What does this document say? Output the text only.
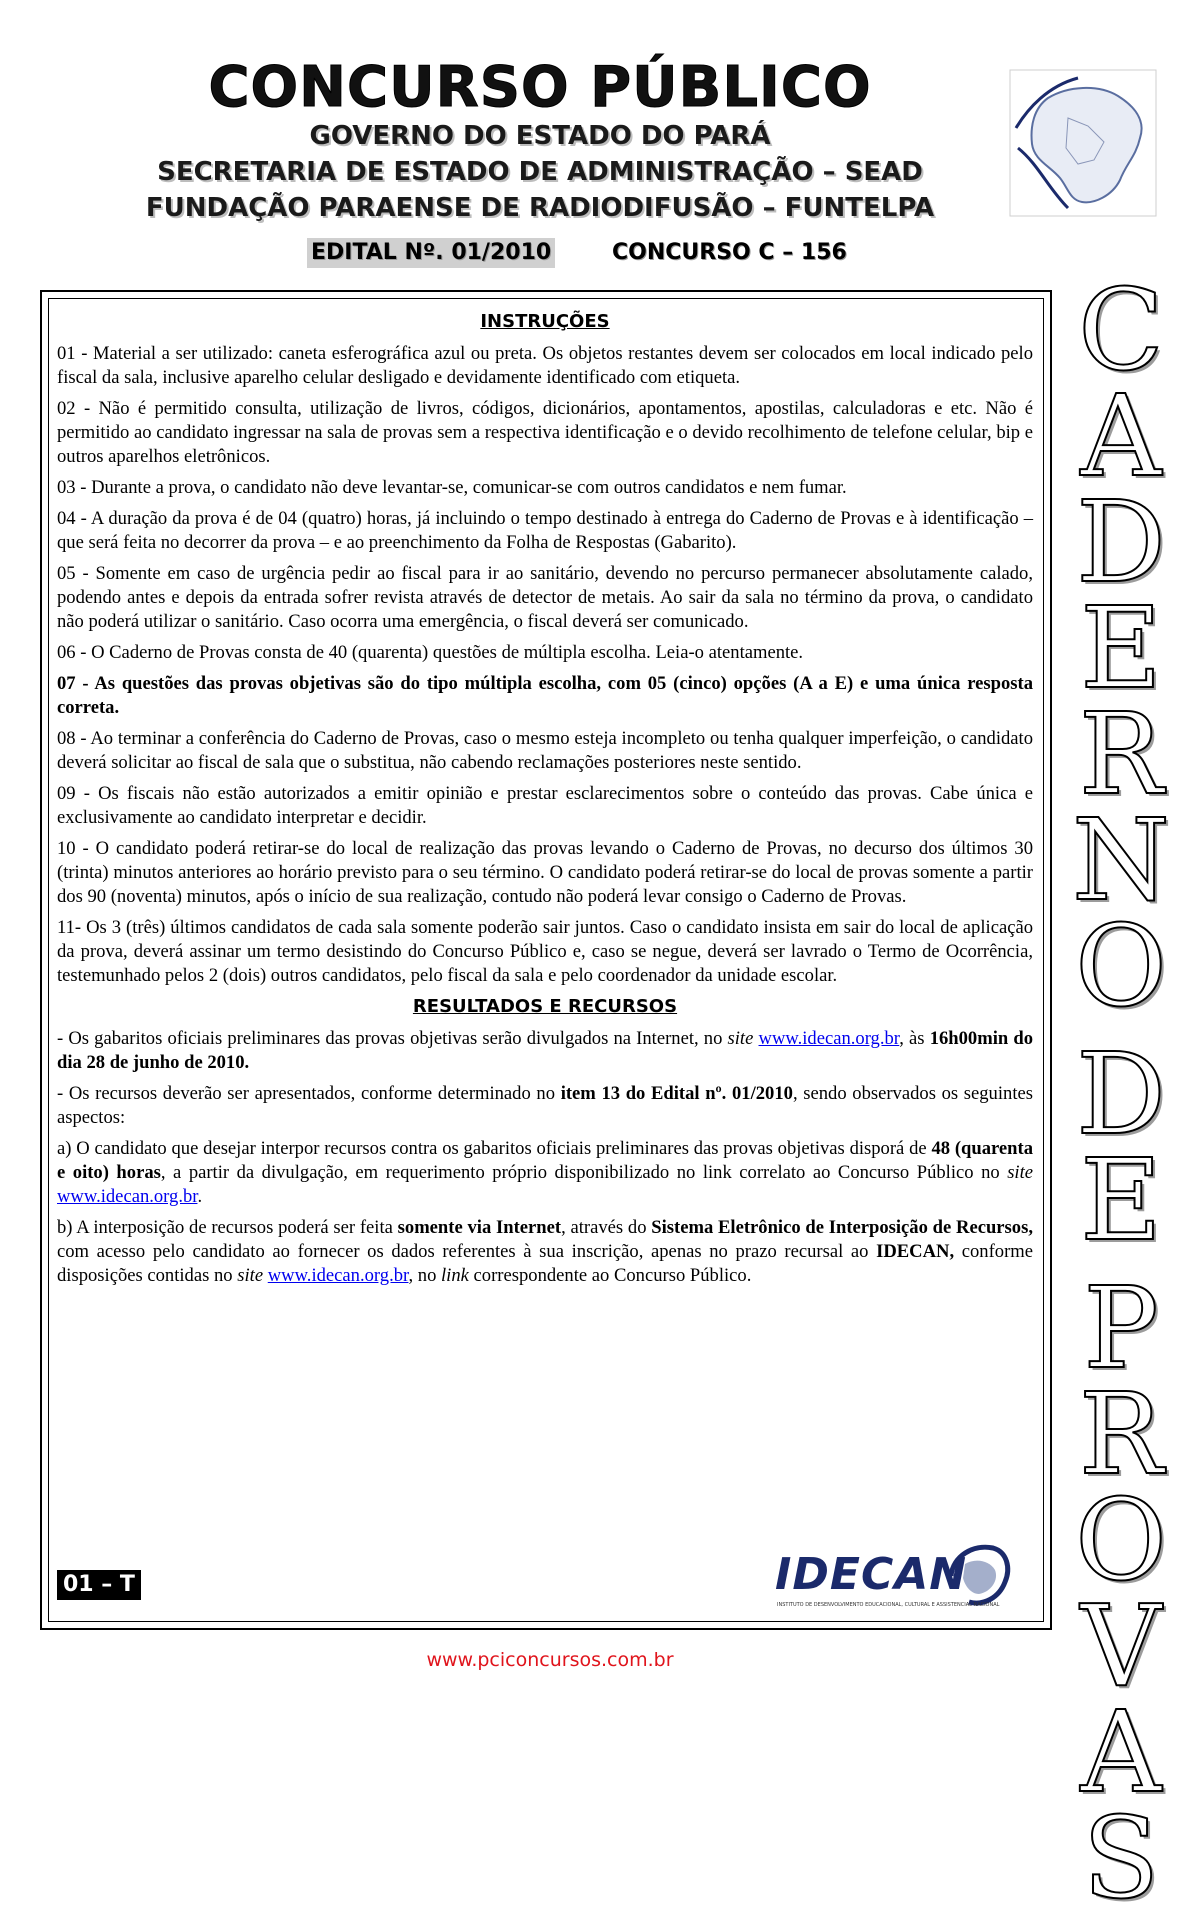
CONCURSO PÚBLICO
GOVERNO DO ESTADO DO PARÁ
SECRETARIA DE ESTADO DE ADMINISTRAÇÃO – SEAD
FUNDAÇÃO PARAENSE DE RADIODIFUSÃO – FUNTELPA
EDITAL Nº. 01/2010	CONCURSO C – 156
INSTRUÇÕES

01 - Material a ser utilizado: caneta esferográfica azul ou preta. Os objetos restantes devem ser colocados em local indicado pelo fiscal da sala, inclusive aparelho celular desligado e devidamente identificado com etiqueta.

02 - Não é permitido consulta, utilização de livros, códigos, dicionários, apontamentos, apostilas, calculadoras e etc. Não é permitido ao candidato ingressar na sala de provas sem a respectiva identificação e o devido recolhimento de telefone celular, bip e outros aparelhos eletrônicos.

03 - Durante a prova, o candidato não deve levantar-se, comunicar-se com outros candidatos e nem fumar.

04 - A duração da prova é de 04 (quatro) horas, já incluindo o tempo destinado à entrega do Caderno de Provas e à identificação – que será feita no decorrer da prova – e ao preenchimento da Folha de Respostas (Gabarito).

05 - Somente em caso de urgência pedir ao fiscal para ir ao sanitário, devendo no percurso permanecer absolutamente calado, podendo antes e depois da entrada sofrer revista através de detector de metais. Ao sair da sala no término da prova, o candidato não poderá utilizar o sanitário. Caso ocorra uma emergência, o fiscal deverá ser comunicado.

06 - O Caderno de Provas consta de 40 (quarenta) questões de múltipla escolha. Leia-o atentamente.

07 - As questões das provas objetivas são do tipo múltipla escolha, com 05 (cinco) opções (A a E) e uma única resposta correta.

08 - Ao terminar a conferência do Caderno de Provas, caso o mesmo esteja incompleto ou tenha qualquer imperfeição, o candidato deverá solicitar ao fiscal de sala que o substitua, não cabendo reclamações posteriores neste sentido.

09 - Os fiscais não estão autorizados a emitir opinião e prestar esclarecimentos sobre o conteúdo das provas. Cabe única e exclusivamente ao candidato interpretar e decidir.

10 - O candidato poderá retirar-se do local de realização das provas levando o Caderno de Provas, no decurso dos últimos 30 (trinta) minutos anteriores ao horário previsto para o seu término. O candidato poderá retirar-se do local de provas somente a partir dos 90 (noventa) minutos, após o início de sua realização, contudo não poderá levar consigo o Caderno de Provas.

11- Os 3 (três) últimos candidatos de cada sala somente poderão sair juntos. Caso o candidato insista em sair do local de aplicação da prova, deverá assinar um termo desistindo do Concurso Público e, caso se negue, deverá ser lavrado o Termo de Ocorrência, testemunhado pelos 2 (dois) outros candidatos, pelo fiscal da sala e pelo coordenador da unidade escolar.

RESULTADOS E RECURSOS

- Os gabaritos oficiais preliminares das provas objetivas serão divulgados na Internet, no site www.idecan.org.br, às 16h00min do dia 28 de junho de 2010.

- Os recursos deverão ser apresentados, conforme determinado no item 13 do Edital nº. 01/2010, sendo observados os seguintes aspectos:

a) O candidato que desejar interpor recursos contra os gabaritos oficiais preliminares das provas objetivas disporá de 48 (quarenta e oito) horas, a partir da divulgação, em requerimento próprio disponibilizado no link correlato ao Concurso Público no site www.idecan.org.br.

b) A interposição de recursos poderá ser feita somente via Internet, através do Sistema Eletrônico de Interposição de Recursos, com acesso pelo candidato ao fornecer os dados referentes à sua inscrição, apenas no prazo recursal ao IDECAN, conforme disposições contidas no site www.idecan.org.br, no link correspondente ao Concurso Público.

01 – T	IDECAN
INSTITUTO DE DESENVOLVIMENTO EDUCACIONAL, CULTURAL E ASSISTENCIAL NACIONAL
C
A
D
E
R
N
O
D
E
P
R
O
V
A
S
www.pciconcursos.com.br
